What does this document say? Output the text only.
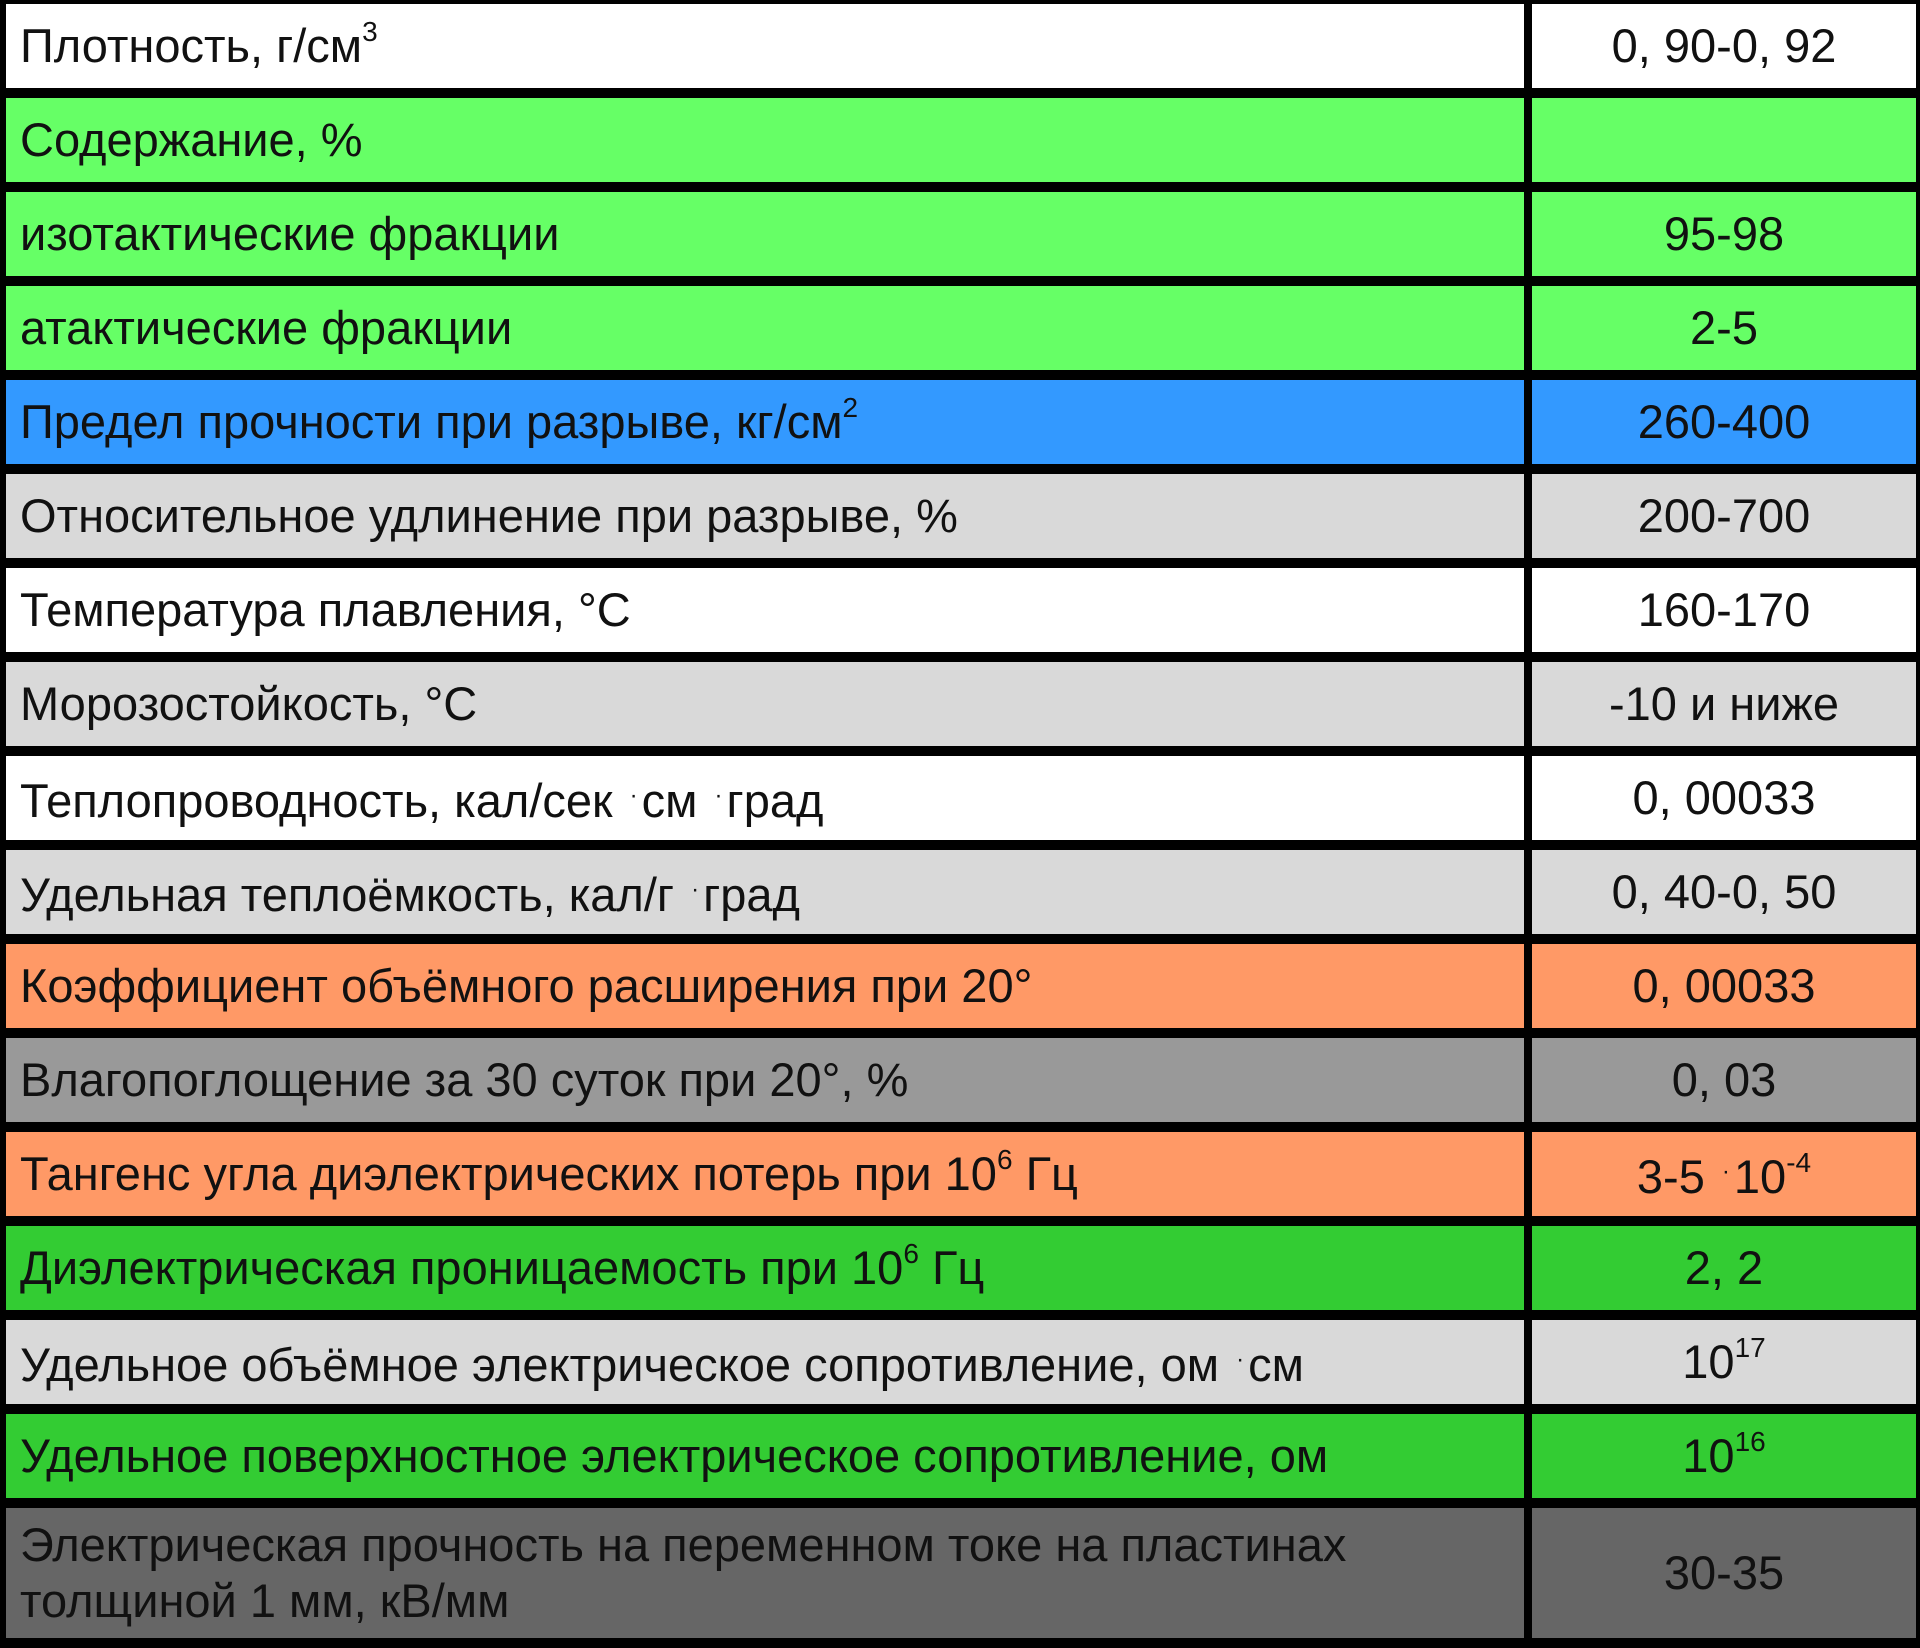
Плотность, $г/см^3$	0, 90-0, 92
Содержание, %	
изотактические фракции	95-98
атактические фракции	2-5
Предел прочности при разрыве, $кг/см^2$	260-400
Относительное удлинение при разрыве, %	200-700
Температура плавления, °С	160-170
Морозостойкость, °С	-10 и ниже
Теплопроводность, кал/сек ·см ·град	0, 00033
Удельная теплоёмкость, кал/г ·град	0, 40-0, 50
Коэффициент объёмного расширения при 20°	0, 00033
Влагопоглощение за 30 суток при 20°, %	0, 03
Тангенс угла диэлектрических потерь при $10^6$ Гц	3-5 $^\cdot 10^{-4}$
Диэлектрическая проницаемость при $10^6$ Гц	2, 2
Удельное объёмное электрическое сопротивление, ом ·см	$10^{17}$
Удельное поверхностное электрическое сопротивление, ом	$10^{16}$
Электрическая прочность на переменном токе на пластинах
толщиной 1 мм, кВ/мм	30-35
